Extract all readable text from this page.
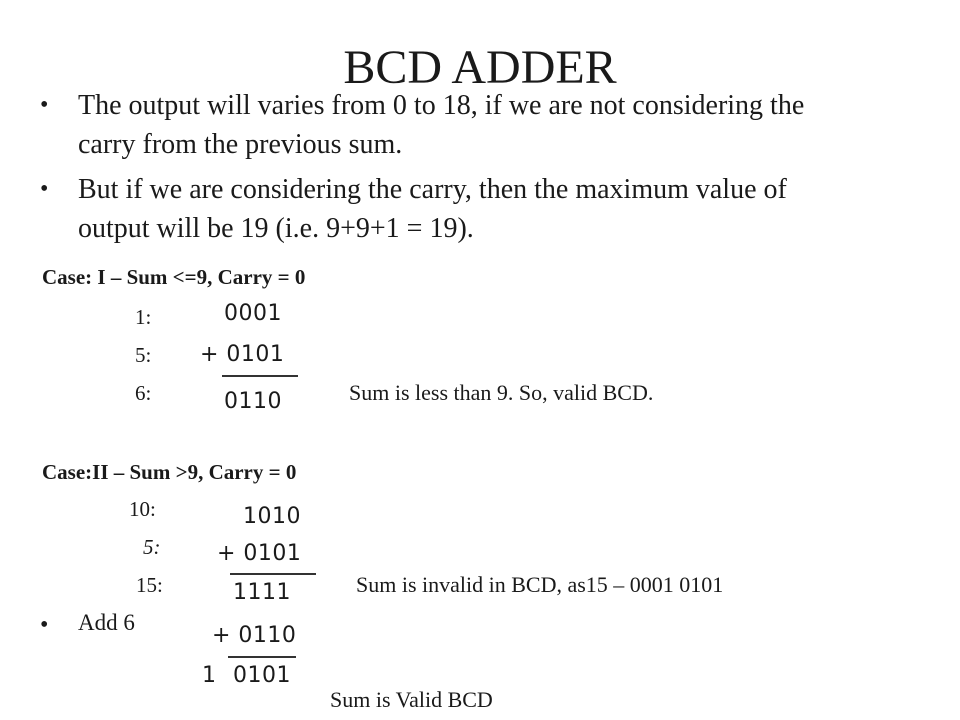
BCD ADDER
• The output will varies from 0 to 18, if we are not considering the
carry from the previous sum.
• But if we are considering the carry, then the maximum value of
output will be 19 (i.e. 9+9+1 = 19).
Case: I – Sum <=9, Carry = 0
1:
5:
6:
0001
+ 0101
0110	Sum is less than 9. So, valid BCD.
Case:II – Sum >9, Carry = 0
10:
5:
15:
1010
+ 0101
1111	Sum is invalid in BCD, as15 – 0001 0101
• Add 6
+ 0110
1 0101
Sum is Valid BCD
